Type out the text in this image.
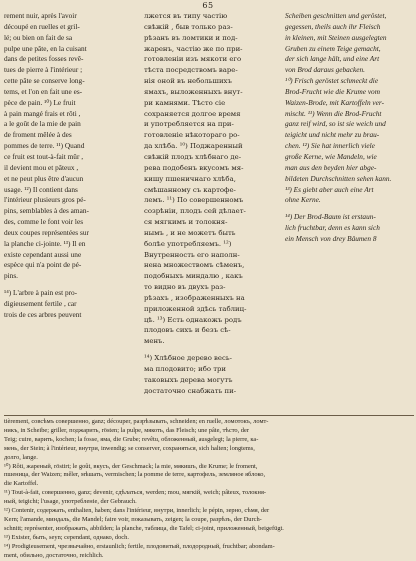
65
rement nuir, après l'avoir
découpé en ruelles et gril-
lé; ou bien on fait de sa
pulpe une pâte, en la cuisant
dans de petites fosses revê-
tues de pierre à l'intérieur ;
cette pâte se conserve long-
tems, et l'on en fait une es-
pèce de pain. ¹⁰) Le fruit
à pain mangé frais et rôti ,
a le goût de la mie de pain
de froment mêlée à des
pommes de terre. ¹¹) Quand
ce fruit est tout-à-fait mûr ,
il devient mou et pâteux ,
et ne peut plus être d'aucun
usage. ¹²) Il contient dans
l'intérieur plusieurs gros pé-
pins, semblables à des aman-
des, comme le font voir les
deux coupes représentées sur
la planche ci-jointe. ¹³) Il en
existe cependant aussi une
espèce qui n'a point de pé-
pins.
¹⁴) L'arbre à pain est pro-
digieusement fertile , car
trois de ces arbres peuvent
лжется въ типу частію
свѣжій , быв только раз-
рѣзанъ въ ломтики и под-
жаренъ, частію же по при-
готовленіи изъ мякоти его
тѣста посредствомъ варе-
нія оной въ небольшихъ
ямахъ, выложенныхъ внут-
ри камнями. Тѣсто сіе
сохраняется долгое время
и употребляется на при-
готовленіе нѣкотораго ро-
да хлѣба. ¹⁰) Поджаренный
свѣжій плодъ хлѣбнаго де-
рева подобенъ вкусомъ мя-
кишу пшеничнаго хлѣба,
смѣшанному съ картофе-
лемъ. ¹¹) По совершенномъ
созрѣніи, плодъ сей дѣлает-
ся мягкимъ и толокня-
нымъ , и не можетъ быть
болѣе употребляемъ. ¹²)
Внутренность его наполн-
нена множествомъ сѣменъ,
подобныхъ миндалю , какъ
то видно въ двухъ раз-
рѣзахъ , изображенныхъ на
приложенной здѣсь таблиц-
цѣ. ¹³) Есть однакожъ родъ
плодовъ сихъ и безъ сѣ-
менъ.
¹⁴) Хлѣбное дерево весь-
ма плодовито; ибо три
таковыхъ дерева могутъ
достаточно снабжать пи-
Scheiben geschnitten und geröstet,
gegessen, theils auch ihr Fleisch
in kleinen, mit Steinen ausgelegten
Gruben zu einem Teige gemacht,
der sich lange hält, und eine Art
von Brod daraus gebacken.
¹⁰) Frisch geröstet schmeckt die
Brod-Frucht wie die Krume vom
Waizen-Brode, mit Kartoffeln ver-
mischt. ¹¹) Wenn die Brod-Frucht
ganz reif wird, so ist sie weich und
teigicht und nicht mehr zu brau-
chen. ¹²) Sie hat innerlich viele
große Kerne, wie Mandeln, wie
man aus den beyden hier abge-
bildeten Durchschnitten sehen kann.
¹³) Es giebt aber auch eine Art
ohne Kerne.
¹⁴) Der Brod-Baum ist erstaun-
lich fruchtbar, denn es kann sich
ein Mensch von drey Bäumen 8
tièrement, совсѣмъ совершенно, ganz; découper, разрѣзывать, schneiden; en ruelle, ломотокъ, ломт-
никъ, in Scheibe; griller, поджарить, rösten; la pulpe, мякоть, das Fleisch; une pâte, тѣсто, der
Teig; cuire, варить, kochen; la fosse, яма, die Grube; revêtu, обложенный, ausgelegt; la pierre, ка-
мень, der Stein; à l'intérieur, внутри, inwendig; se conserver, сохраняться, sich halten; longtems,
долго, lange.
¹⁰) Rôti, жареный, röstirt; le goût, вкусъ, der Geschmack; la mie, мякишъ, die Krume; le froment,
пшеница, der Waizen; mêler, мѣшать, vermischen; la pomme de terre, картофель, земляное яблоко,
die Kartoffel.
¹¹) Tout-à-fait, совершенно, ganz; devenir, сдѣлаться, werden; mou, мягкій, weich; pâteux, толокня-
ный, teigicht; l'usage, употребленіе, der Gebrauch.
¹²) Contenir, содержать, enthalten, haben; dans l'intérieur, внутри, innerlich; le pépin, зерно, сѣмя, der
Kern; l'amande, миндаль, die Mandel; faire voir, показывать, zeigen; la coupe, разрѣзъ, der Durch-
schnitt; représenter, изображать, abbilden; la planche, таблица, die Tafel; ci-joint, приложенный, beigefügt.
¹³) Exister, быть, seyn; cependant, однако, doch.
¹⁴) Prodigieusement, чрезвычайно, erstaunlich; fertile, плодовитый, плодородный, fruchtbar; abondam-
ment, обильно, достаточно, reichlich.
